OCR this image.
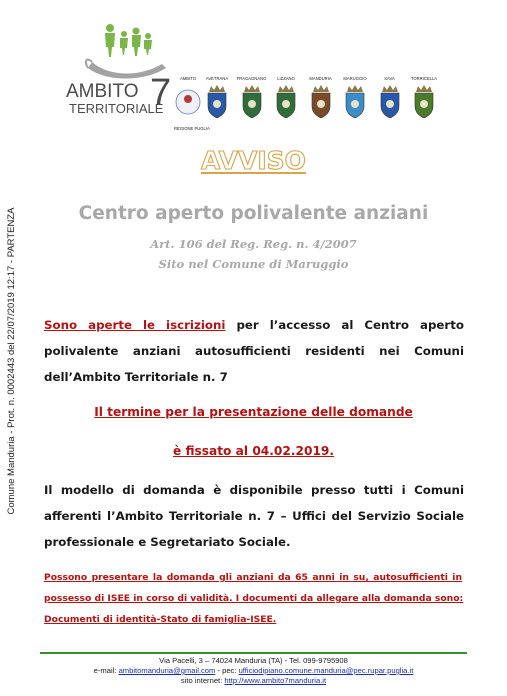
Comune Manduria - Prot. n. 0002443 del 22/07/2019 12:17 - PARTENZA
AMBITO 7
TERRITORIALE
AVETRANA	FRAGAGNANO	LIZZANO	MANDURIA	MARUGGIO	SAVA	TORRICELLA
AMBITO
REGIONE PUGLIA
AVVISO
Centro aperto polivalente anziani
Art. 106 del Reg. Reg. n. 4/2007
Sito nel Comune di Maruggio
Sono aperte le iscrizioni per l’accesso al Centro aperto
polivalente anziani autosufficienti residenti nei Comuni
dell’Ambito Territoriale n. 7
Il termine per la presentazione delle domande
è fissato al 04.02.2019.
Il modello di domanda è disponibile presso tutti i Comuni
afferenti l’Ambito Territoriale n. 7 – Uffici del Servizio Sociale
professionale e Segretariato Sociale.
Possono presentare la domanda gli anziani da 65 anni in su, autosufficienti in
possesso di ISEE in corso di validità. I documenti da allegare alla domanda sono:
Documenti di identità-Stato di famiglia-ISEE.
Via Pacelli, 3 – 74024 Manduria (TA) - Tel. 099-9795908
e-mail: ambitomanduria@gmail.com - pec: ufficiodipiano.comune.manduria@pec.rupar.puglia.it
sito internet: http://www.ambito7manduria.it
